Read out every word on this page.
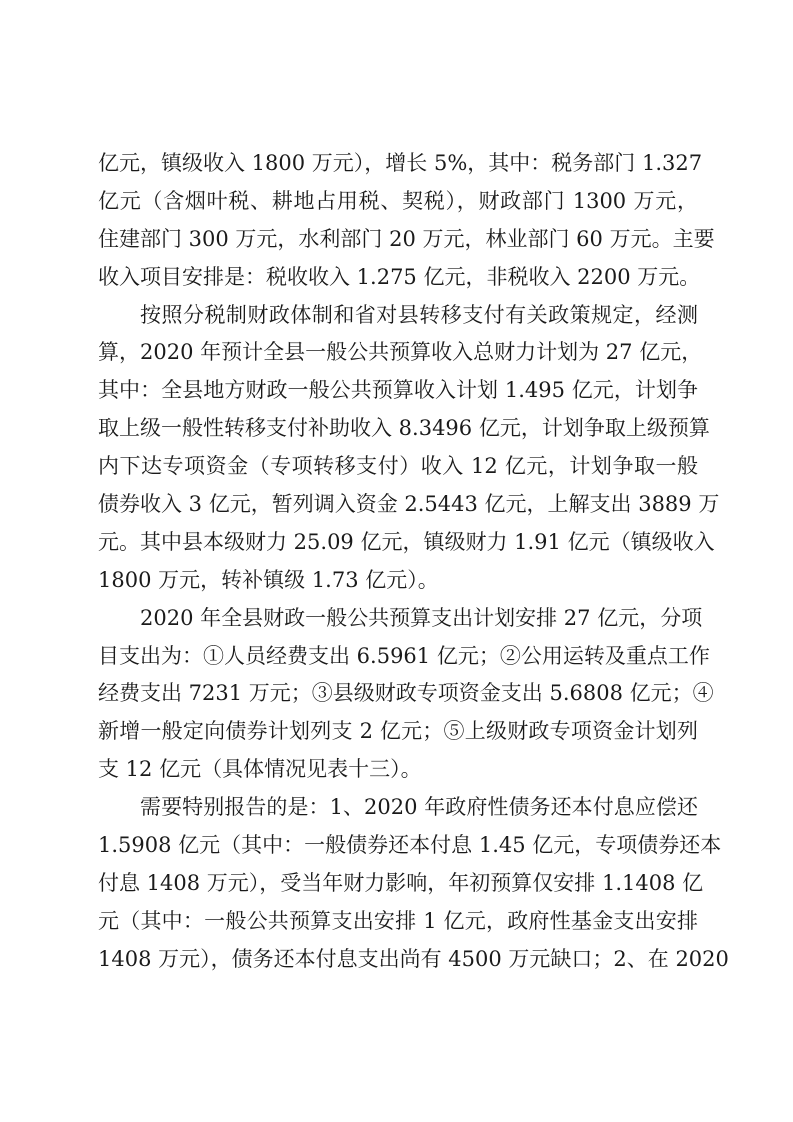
亿元，镇级收入 1800 万元），增长 5%，其中：税务部门 1.327
亿元（含烟叶税、耕地占用税、契税），财政部门 1300 万元，
住建部门 300 万元，水利部门 20 万元，林业部门 60 万元。主要
收入项目安排是：税收收入 1.275 亿元，非税收入 2200 万元。
按照分税制财政体制和省对县转移支付有关政策规定，经测
算，2020 年预计全县一般公共预算收入总财力计划为 27 亿元，
其中：全县地方财政一般公共预算收入计划 1.495 亿元，计划争
取上级一般性转移支付补助收入 8.3496 亿元，计划争取上级预算
内下达专项资金（专项转移支付）收入 12 亿元，计划争取一般
债券收入 3 亿元，暂列调入资金 2.5443 亿元，上解支出 3889 万
元。其中县本级财力 25.09 亿元，镇级财力 1.91 亿元（镇级收入
1800 万元，转补镇级 1.73 亿元）。
2020 年全县财政一般公共预算支出计划安排 27 亿元，分项
目支出为：①人员经费支出 6.5961 亿元；②公用运转及重点工作
经费支出 7231 万元；③县级财政专项资金支出 5.6808 亿元；④
新增一般定向债券计划列支 2 亿元；⑤上级财政专项资金计划列
支 12 亿元（具体情况见表十三）。
需要特别报告的是：1、2020 年政府性债务还本付息应偿还
1.5908 亿元（其中：一般债券还本付息 1.45 亿元，专项债券还本
付息 1408 万元），受当年财力影响，年初预算仅安排 1.1408 亿
元（其中：一般公共预算支出安排 1 亿元，政府性基金支出安排
1408 万元），债务还本付息支出尚有 4500 万元缺口；2、在 2020
